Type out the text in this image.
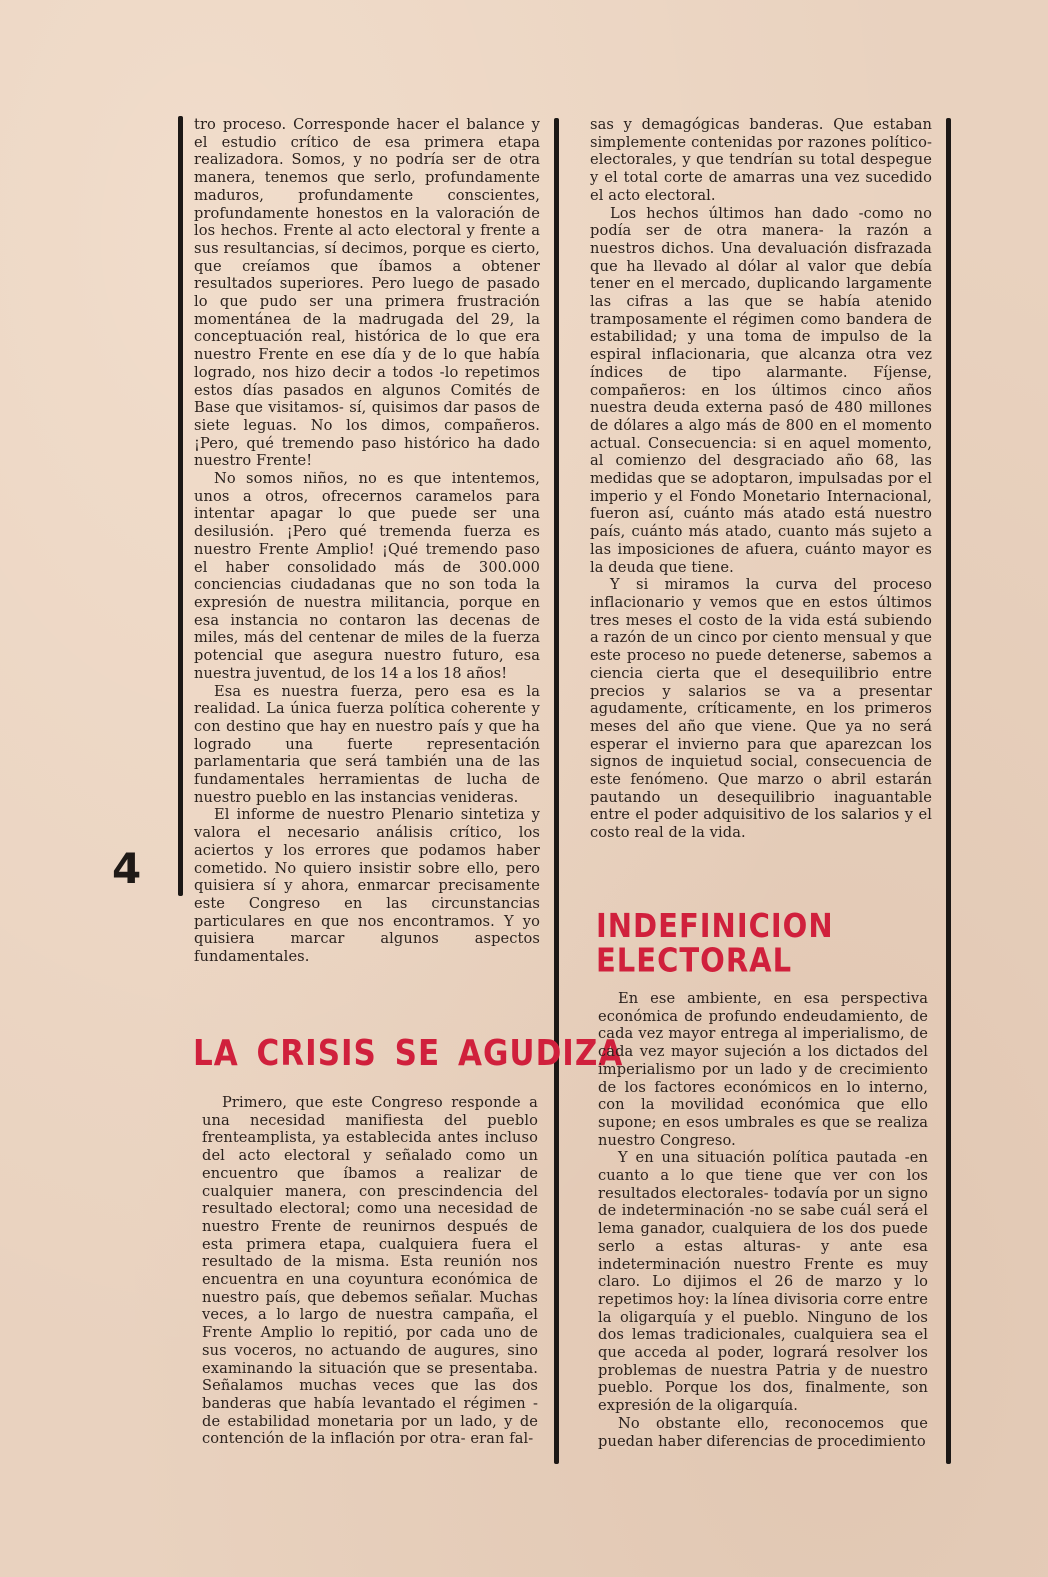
4

tro proceso. Corresponde hacer el balance y el estudio crítico de esa primera etapa realizadora. Somos, y no podría ser de otra manera, tenemos que serlo, profundamente maduros, profundamente conscientes, profundamente honestos en la valoración de los hechos. Frente al acto electoral y frente a sus resultancias, sí decimos, porque es cierto, que creíamos que íbamos a obtener resultados superiores. Pero luego de pasado lo que pudo ser una primera frustración momentánea de la madrugada del 29, la conceptuación real, histórica de lo que era nuestro Frente en ese día y de lo que había logrado, nos hizo decir a todos -lo repetimos estos días pasados en algunos Comités de Base que visitamos- sí, quisimos dar pasos de siete leguas. No los dimos, compañeros. ¡Pero, qué tremendo paso histórico ha dado nuestro Frente!

No somos niños, no es que intentemos, unos a otros, ofrecernos caramelos para intentar apagar lo que puede ser una desilusión. ¡Pero qué tremenda fuerza es nuestro Frente Amplio! ¡Qué tremendo paso el haber consolidado más de 300.000 conciencias ciudadanas que no son toda la expresión de nuestra militancia, porque en esa instancia no contaron las decenas de miles, más del centenar de miles de la fuerza potencial que asegura nuestro futuro, esa nuestra juventud, de los 14 a los 18 años!

Esa es nuestra fuerza, pero esa es la realidad. La única fuerza política coherente y con destino que hay en nuestro país y que ha logrado una fuerte representación parlamentaria que será también una de las fundamentales herramientas de lucha de nuestro pueblo en las instancias venideras.

El informe de nuestro Plenario sintetiza y valora el necesario análisis crítico, los aciertos y los errores que podamos haber cometido. No quiero insistir sobre ello, pero quisiera sí y ahora, enmarcar precisamente este Congreso en las circunstancias particulares en que nos encontramos. Y yo quisiera marcar algunos aspectos fundamentales.

LA CRISIS SE AGUDIZA

Primero, que este Congreso responde a una necesidad manifiesta del pueblo frenteamplista, ya establecida antes incluso del acto electoral y señalado como un encuentro que íbamos a realizar de cualquier manera, con prescindencia del resultado electoral; como una necesidad de nuestro Frente de reunirnos después de esta primera etapa, cualquiera fuera el resultado de la misma. Esta reunión nos encuentra en una coyuntura económica de nuestro país, que debemos señalar. Muchas veces, a lo largo de nuestra campaña, el Frente Amplio lo repitió, por cada uno de sus voceros, no actuando de augures, sino examinando la situación que se presentaba. Señalamos muchas veces que las dos banderas que había levantado el régimen -de estabilidad monetaria por un lado, y de contención de la inflación por otra- eran fal-

sas y demagógicas banderas. Que estaban simplemente contenidas por razones político-electorales, y que tendrían su total despegue y el total corte de amarras una vez sucedido el acto electoral.

Los hechos últimos han dado -como no podía ser de otra manera- la razón a nuestros dichos. Una devaluación disfrazada que ha llevado al dólar al valor que debía tener en el mercado, duplicando largamente las cifras a las que se había atenido tramposamente el régimen como bandera de estabilidad; y una toma de impulso de la espiral inflacionaria, que alcanza otra vez índices de tipo alarmante. Fíjense, compañeros: en los últimos cinco años nuestra deuda externa pasó de 480 millones de dólares a algo más de 800 en el momento actual. Consecuencia: si en aquel momento, al comienzo del desgraciado año 68, las medidas que se adoptaron, impulsadas por el imperio y el Fondo Monetario Internacional, fueron así, cuánto más atado está nuestro país, cuánto más atado, cuanto más sujeto a las imposiciones de afuera, cuánto mayor es la deuda que tiene.

Y si miramos la curva del proceso inflacionario y vemos que en estos últimos tres meses el costo de la vida está subiendo a razón de un cinco por ciento mensual y que este proceso no puede detenerse, sabemos a ciencia cierta que el desequilibrio entre precios y salarios se va a presentar agudamente, críticamente, en los primeros meses del año que viene. Que ya no será esperar el invierno para que aparezcan los signos de inquietud social, consecuencia de este fenómeno. Que marzo o abril estarán pautando un desequilibrio inaguantable entre el poder adquisitivo de los salarios y el costo real de la vida.

INDEFINICION
ELECTORAL

En ese ambiente, en esa perspectiva económica de profundo endeudamiento, de cada vez mayor entrega al imperialismo, de cada vez mayor sujeción a los dictados del imperialismo por un lado y de crecimiento de los factores económicos en lo interno, con la movilidad económica que ello supone; en esos umbrales es que se realiza nuestro Congreso.

Y en una situación política pautada -en cuanto a lo que tiene que ver con los resultados electorales- todavía por un signo de indeterminación -no se sabe cuál será el lema ganador, cualquiera de los dos puede serlo a estas alturas- y ante esa indeterminación nuestro Frente es muy claro. Lo dijimos el 26 de marzo y lo repetimos hoy: la línea divisoria corre entre la oligarquía y el pueblo. Ninguno de los dos lemas tradicionales, cualquiera sea el que acceda al poder, logrará resolver los problemas de nuestra Patria y de nuestro pueblo. Porque los dos, finalmente, son expresión de la oligarquía.

No obstante ello, reconocemos que puedan haber diferencias de procedimiento
